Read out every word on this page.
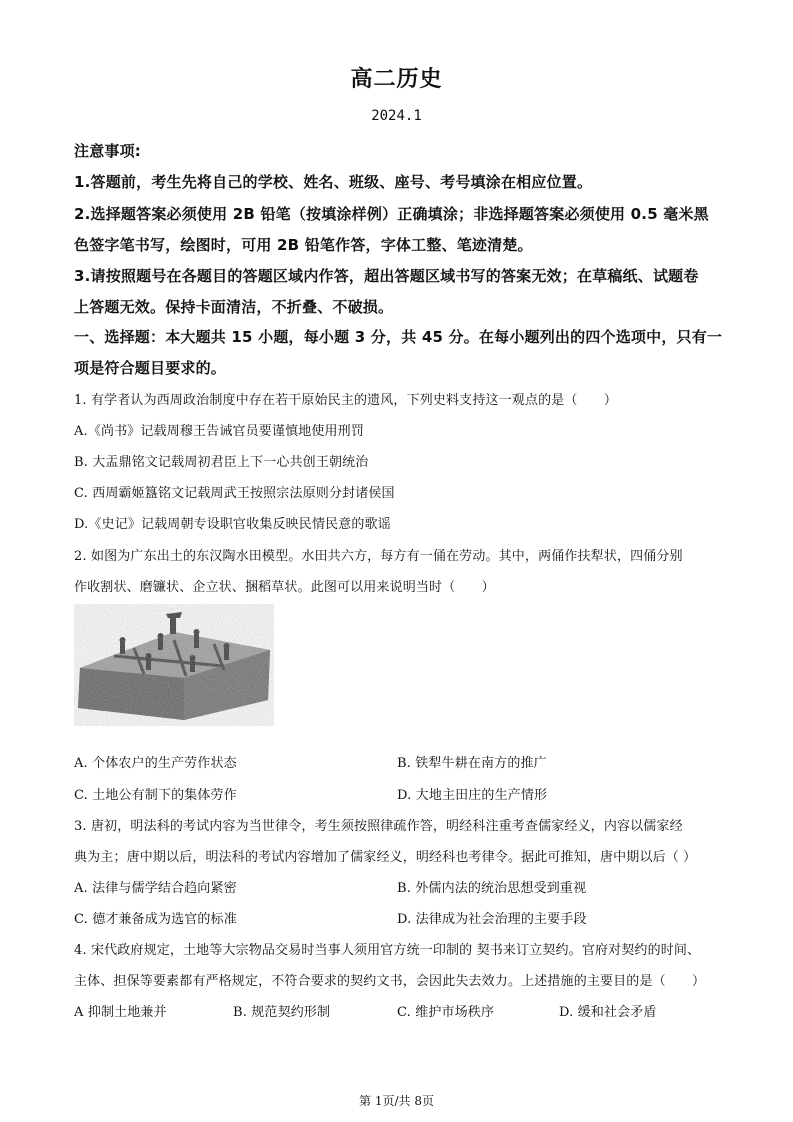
高二历史
2024.1
注意事项:
1.答题前，考生先将自己的学校、姓名、班级、座号、考号填涂在相应位置。
2.选择题答案必须使用 2B 铅笔（按填涂样例）正确填涂；非选择题答案必须使用 0.5 毫米黑
色签字笔书写，绘图时，可用 2B 铅笔作答，字体工整、笔迹清楚。
3.请按照题号在各题目的答题区域内作答，超出答题区域书写的答案无效；在草稿纸、试题卷
上答题无效。保持卡面清洁，不折叠、不破损。
一、选择题：本大题共 15 小题，每小题 3 分，共 45 分。在每小题列出的四个选项中，只有一
项是符合题目要求的。
1. 有学者认为西周政治制度中存在若干原始民主的遗风，下列史料支持这一观点的是（　　）
A.《尚书》记载周穆王告诫官员要谨慎地使用刑罚
B. 大盂鼎铭文记载周初君臣上下一心共创王朝统治
C. 西周霸姬簋铭文记载周武王按照宗法原则分封诸侯国
D.《史记》记载周朝专设职官收集反映民情民意的歌谣
2. 如图为广东出土的东汉陶水田模型。水田共六方，每方有一俑在劳动。其中，两俑作扶犁状，四俑分别
作收割状、磨镰状、企立状、捆稻草状。此图可以用来说明当时（　　）
A. 个体农户的生产劳作状态	B. 铁犁牛耕在南方的推广
C. 土地公有制下的集体劳作	D. 大地主田庄的生产情形
3. 唐初，明法科的考试内容为当世律令，考生须按照律疏作答，明经科注重考查儒家经义，内容以儒家经
典为主；唐中期以后，明法科的考试内容增加了儒家经义，明经科也考律令。据此可推知，唐中期以后（ ）
A. 法律与儒学结合趋向紧密	B. 外儒内法的统治思想受到重视
C. 德才兼备成为选官的标准	D. 法律成为社会治理的主要手段
4. 宋代政府规定，土地等大宗物品交易时当事人须用官方统一印制的 契书来订立契约。官府对契约的时间、
主体、担保等要素都有严格规定，不符合要求的契约文书，会因此失去效力。上述措施的主要目的是（　　）
A 抑制土地兼并	B. 规范契约形制	C. 维护市场秩序	D. 缓和社会矛盾
第 1页/共 8页
